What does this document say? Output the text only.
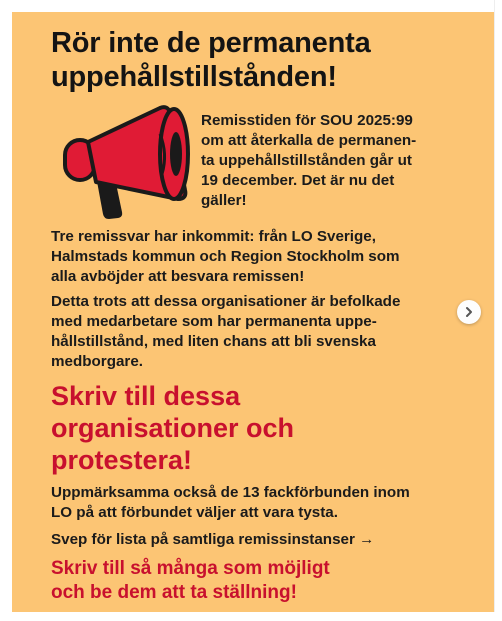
Rör inte de permanenta uppehållstillstånden!

Remisstiden för SOU 2025:99
om att återkalla de permanen-
ta uppehållstillstånden går ut
19 december. Det är nu det
gäller!

Tre remissvar har inkommit: från LO Sverige,
Halmstads kommun och Region Stockholm som
alla avböjder att besvara remissen!

Detta trots att dessa organisationer är befolkade
med medarbetare som har permanenta uppe-
hållstillstånd, med liten chans att bli svenska
medborgare.

Skriv till dessa
organisationer och
protestera!

Uppmärksamma också de 13 fackförbunden inom
LO på att förbundet väljer att vara tysta.

Svep för lista på samtliga remissinstanser →

Skriv till så många som möjligt
och be dem att ta ställning!
